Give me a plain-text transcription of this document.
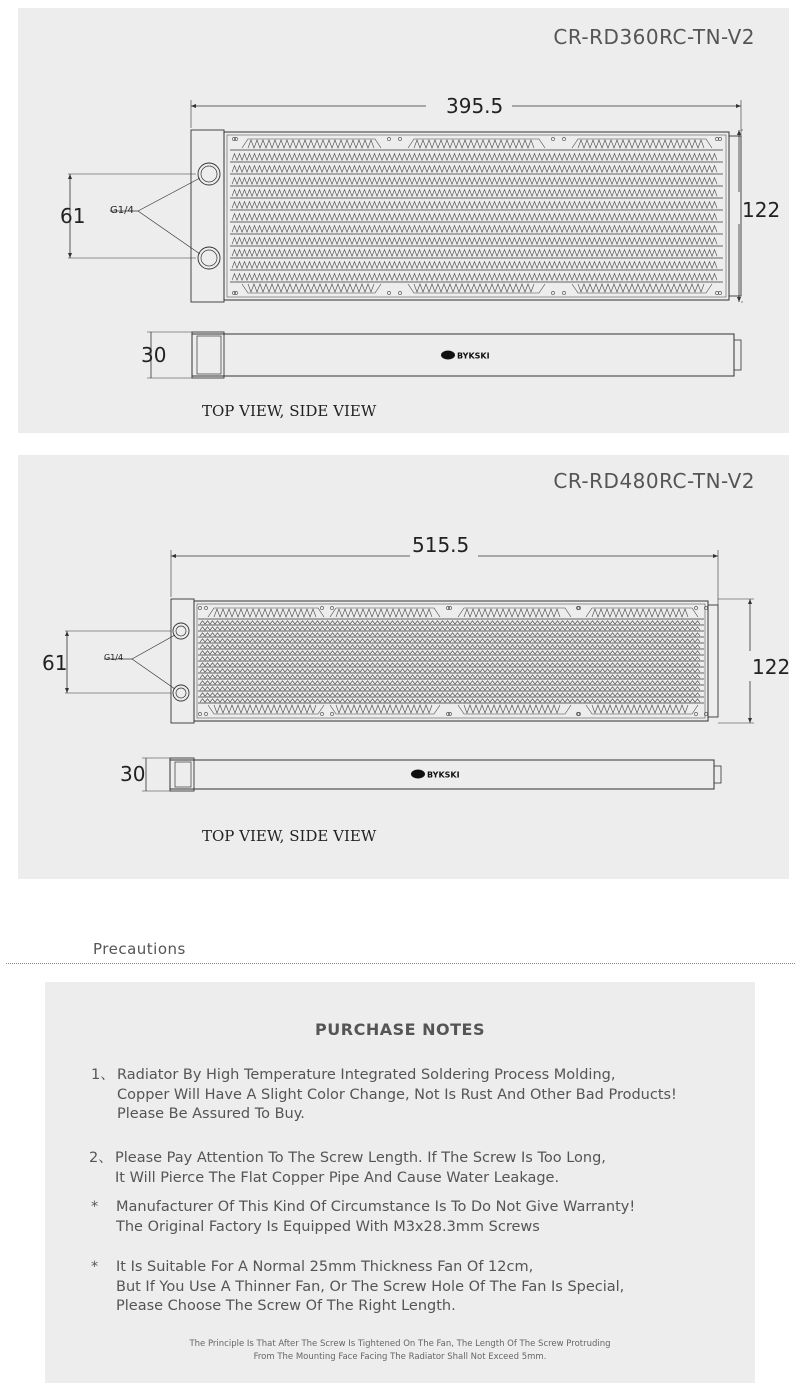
BYKSKI
CR-RD360RC-TN-V2
395.5
122
61 G1/4
30
TOP VIEW, SIDE VIEW
BYKSKI
CR-RD480RC-TN-V2
515.5
122
61	G1/4
30
TOP VIEW, SIDE VIEW
Precautions
PURCHASE NOTES
1、 Radiator By High Temperature Integrated Soldering Process Molding,
Copper Will Have A Slight Color Change, Not Is Rust And Other Bad Products!
Please Be Assured To Buy.
2、 Please Pay Attention To The Screw Length. If The Screw Is Too Long,
It Will Pierce The Flat Copper Pipe And Cause Water Leakage.
* Manufacturer Of This Kind Of Circumstance Is To Do Not Give Warranty!
The Original Factory Is Equipped With M3x28.3mm Screws
* It Is Suitable For A Normal 25mm Thickness Fan Of 12cm,
But If You Use A Thinner Fan, Or The Screw Hole Of The Fan Is Special,
Please Choose The Screw Of The Right Length.
The Principle Is That After The Screw Is Tightened On The Fan, The Length Of The Screw Protruding
From The Mounting Face Facing The Radiator Shall Not Exceed 5mm.
